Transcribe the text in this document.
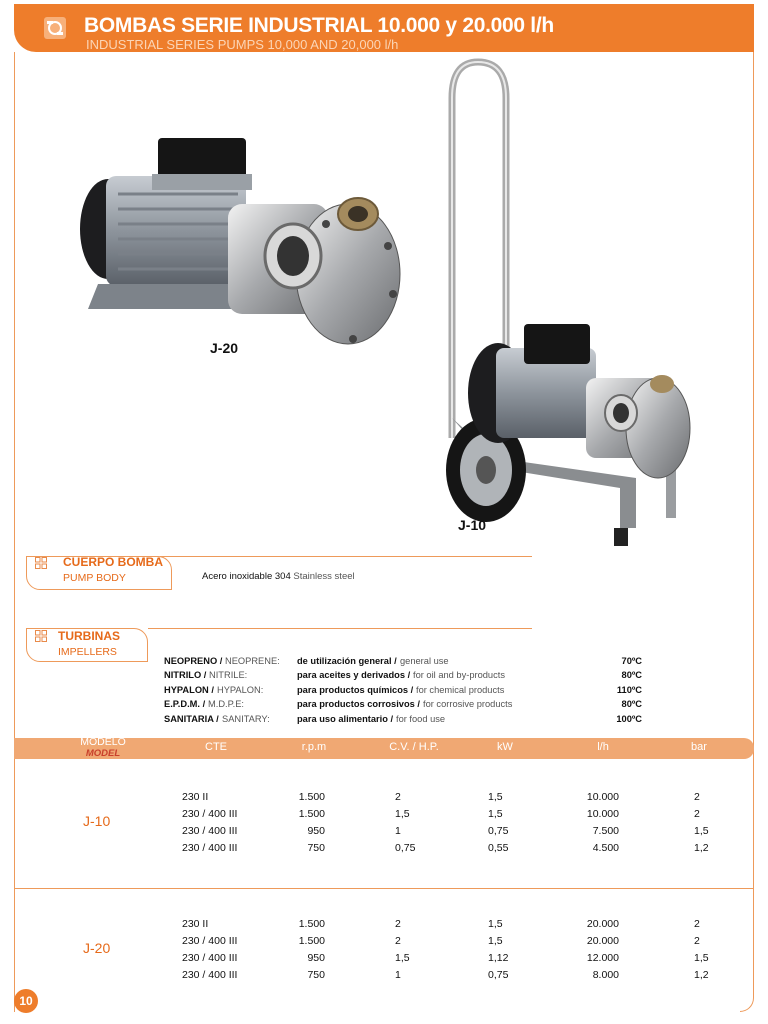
BOMBAS SERIE INDUSTRIAL 10.000 y 20.000 l/h
INDUSTRIAL SERIES PUMPS 10,000 AND 20,000 l/h
J-20
J-10
CUERPO BOMBA
PUMP BODY	Acero inoxidable 304 Stainless steel
TURBINAS
IMPELLERS
NEOPRENO / NEOPRENE: de utilización general / general use	70ºC
NITRILO / NITRILE:	para aceites y derivados / for oil and by-products	80ºC
HYPALON / HYPALON:	para productos químicos / for chemical products	110ºC
E.P.D.M. / M.D.P.E:	para productos corrosivos / for corrosive products	80ºC
SANITARIA / SANITARY:	para uso alimentario / for food use	100ºC
MODELO
MODEL
CTE	r.p.m	C.V. / H.P.	kW	l/h	bar
J-10
230 II	1.500	2	1,5	10.000	2
230 / 400 III	1.500	1,5	1,5	10.000	2
230 / 400 III	950	1	0,75	7.500	1,5
230 / 400 III	750	0,75	0,55	4.500	1,2
J-20
230 II	1.500	2	1,5	20.000	2
230 / 400 III	1.500	2	1,5	20.000	2
230 / 400 III	950	1,5	1,12	12.000	1,5
230 / 400 III	750	1	0,75	8.000	1,2
10
